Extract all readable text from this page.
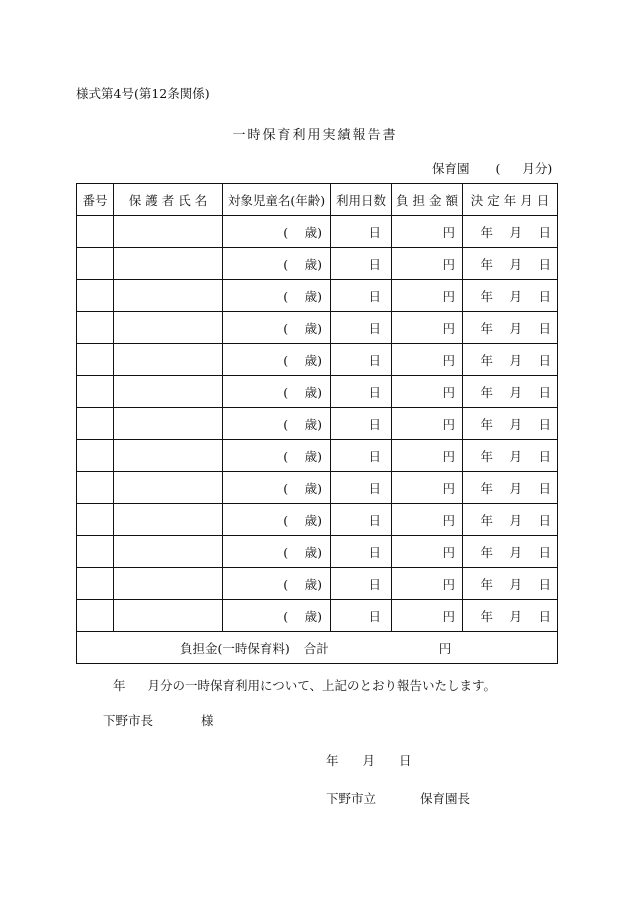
様式第4号(第12条関係)
一時保育利用実績報告書
保育園 ( 月分)
番号	保 護 者 氏 名	対象児童名(年齢)	利用日数	負 担 金 額	決 定 年 月 日
		(　 歳)	日	円	年　 月　 日
		(　 歳)	日	円	年　 月　 日
		(　 歳)	日	円	年　 月　 日
		(　 歳)	日	円	年　 月　 日
		(　 歳)	日	円	年　 月　 日
		(　 歳)	日	円	年　 月　 日
		(　 歳)	日	円	年　 月　 日
		(　 歳)	日	円	年　 月　 日
		(　 歳)	日	円	年　 月　 日
		(　 歳)	日	円	年　 月　 日
		(　 歳)	日	円	年　 月　 日
		(　 歳)	日	円	年　 月　 日
		(　 歳)	日	円	年　 月　 日
負担金(一時保育料) 合計 円					
年 月分の一時保育利用について、上記のとおり報告いたします。
下野市長	様
年 月 日
下野市立	保育園長
